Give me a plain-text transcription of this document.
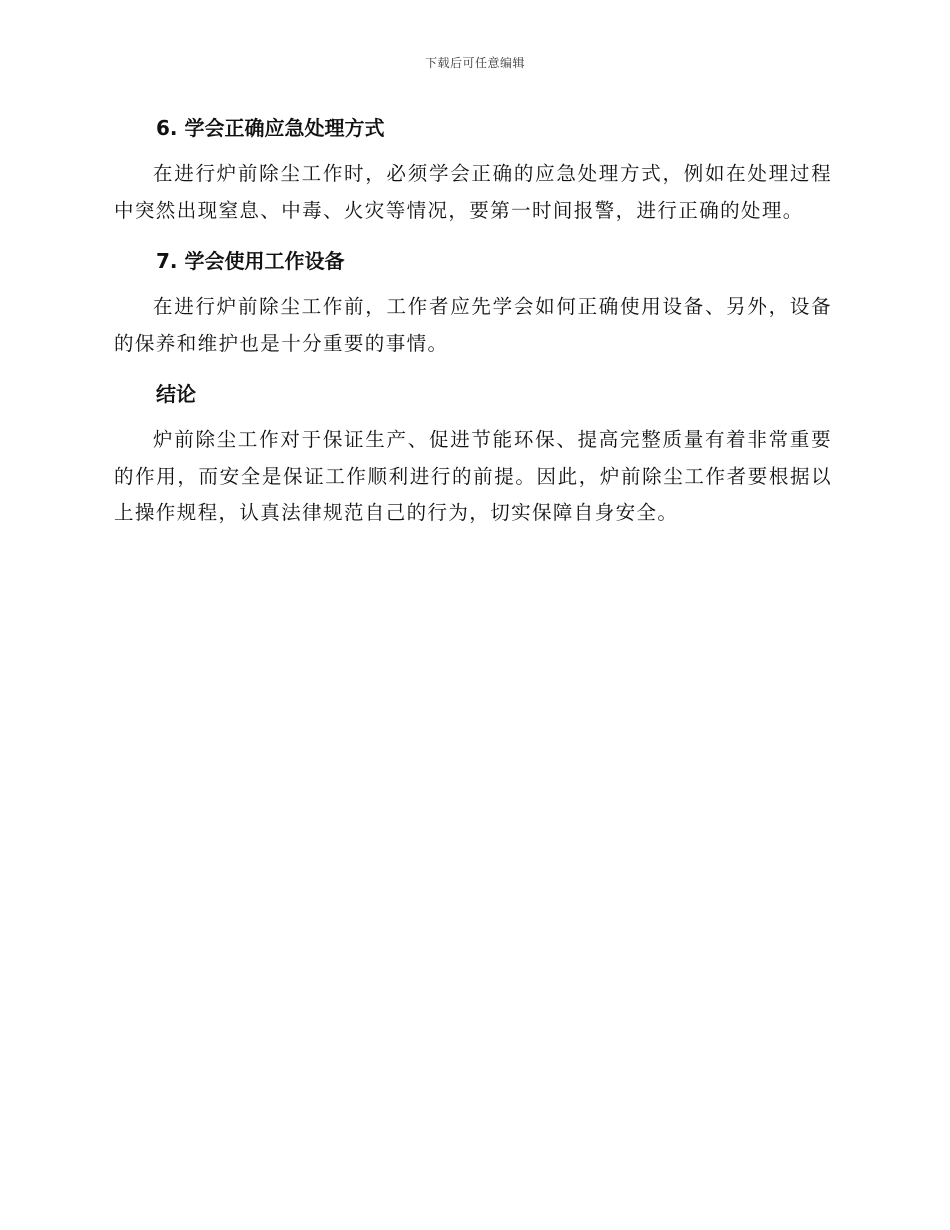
下载后可任意编辑
6. 学会正确应急处理方式

在进行炉前除尘工作时，必须学会正确的应急处理方式，例如在处理过程中突然出现窒息、中毒、火灾等情况，要第一时间报警，进行正确的处理。

7. 学会使用工作设备

在进行炉前除尘工作前，工作者应先学会如何正确使用设备、另外，设备的保养和维护也是十分重要的事情。

结论

炉前除尘工作对于保证生产、促进节能环保、提高完整质量有着非常重要的作用，而安全是保证工作顺利进行的前提。因此，炉前除尘工作者要根据以上操作规程，认真法律规范自己的行为，切实保障自身安全。
